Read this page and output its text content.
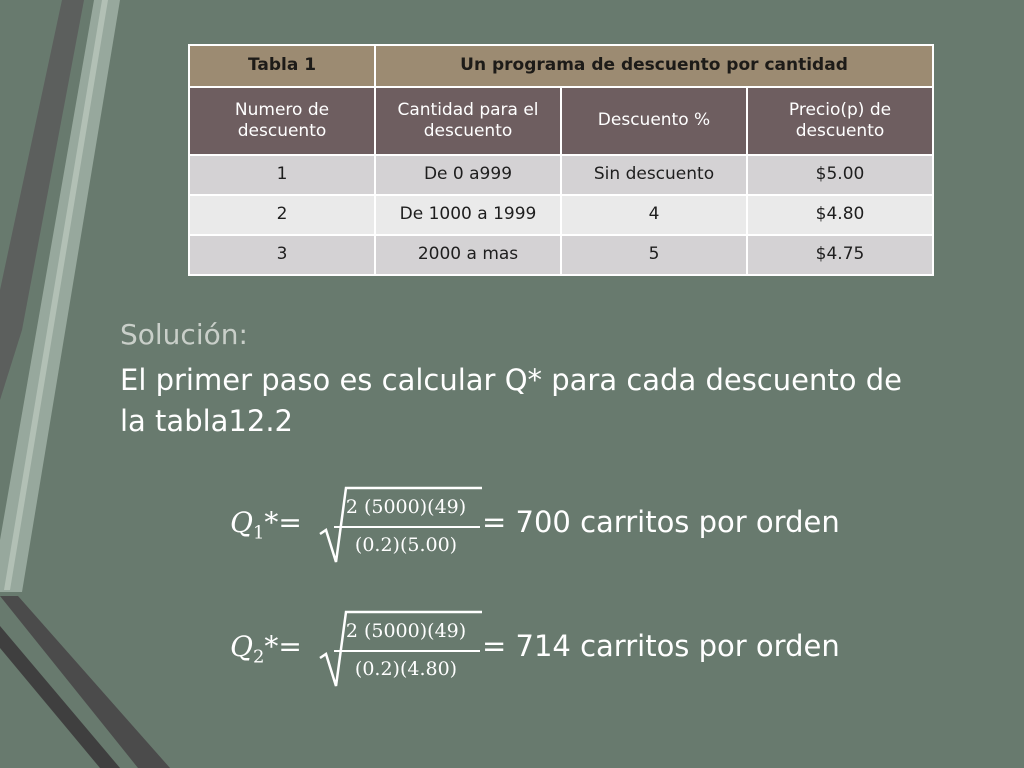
Tabla 1	Un programa de descuento por cantidad		
Numero de descuento	Cantidad para el descuento	Descuento %	Precio(p) de descuento
1	De 0 a999	Sin descuento	$5.00
2	De 1000 a 1999	4	$4.80
3	2000 a mas	5	$4.75
Solución:
El primer paso es calcular Q* para cada descuento de la tabla12.2
$Q_1*=$	2 (5000)(49)
(0.2)(5.00)
= 700 carritos por orden
$Q_2*=$	2 (5000)(49)
(0.2)(4.80)
= 714 carritos por orden
